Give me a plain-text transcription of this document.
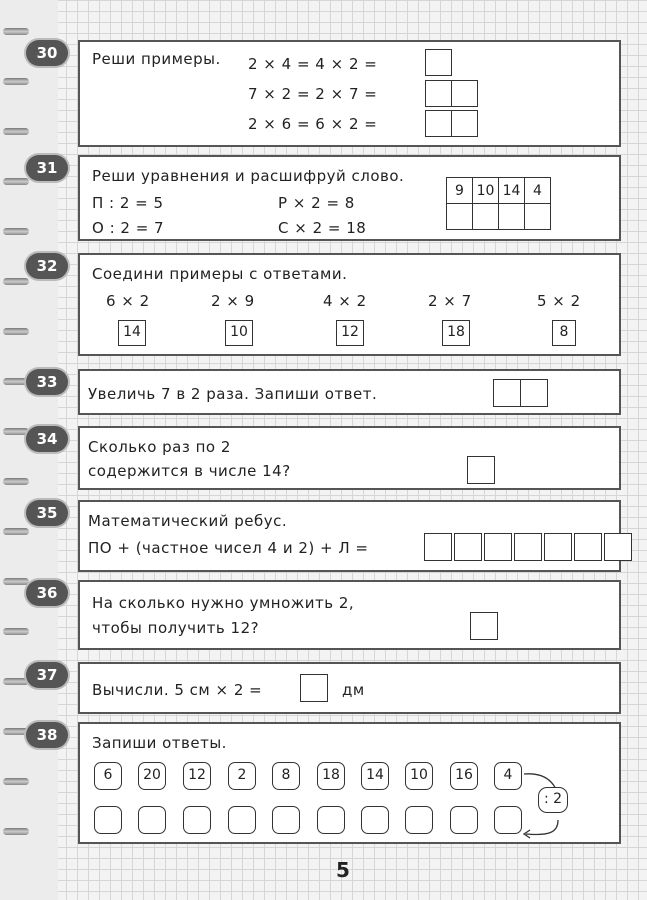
Реши примеры. 2 × 4 = 4 × 2 =
7 × 2 = 2 × 7 =
2 × 6 = 6 × 2 =
30
Реши уравнения и расшифруй слово.
П : 2 = 5
О : 2 = 7
Р × 2 = 8
С × 2 = 18
9	10	14	4

31
Соедини примеры с ответами.
6 × 2	2 × 9	4 × 2	2 × 7	5 × 2
14	10	12	18	8
32
Увеличь 7 в 2 раза. Запиши ответ.
33
Сколько раз по 2
содержится в числе 14?
34
Математический ребус.
ПО + (частное чисел 4 и 2) + Л =
35
На сколько нужно умножить 2,
чтобы получить 12?
36
Вычисли. 5 см × 2 =	дм
37
Запиши ответы.
6	20	12	2	8	18	14	10	16	4
: 2
38
5
